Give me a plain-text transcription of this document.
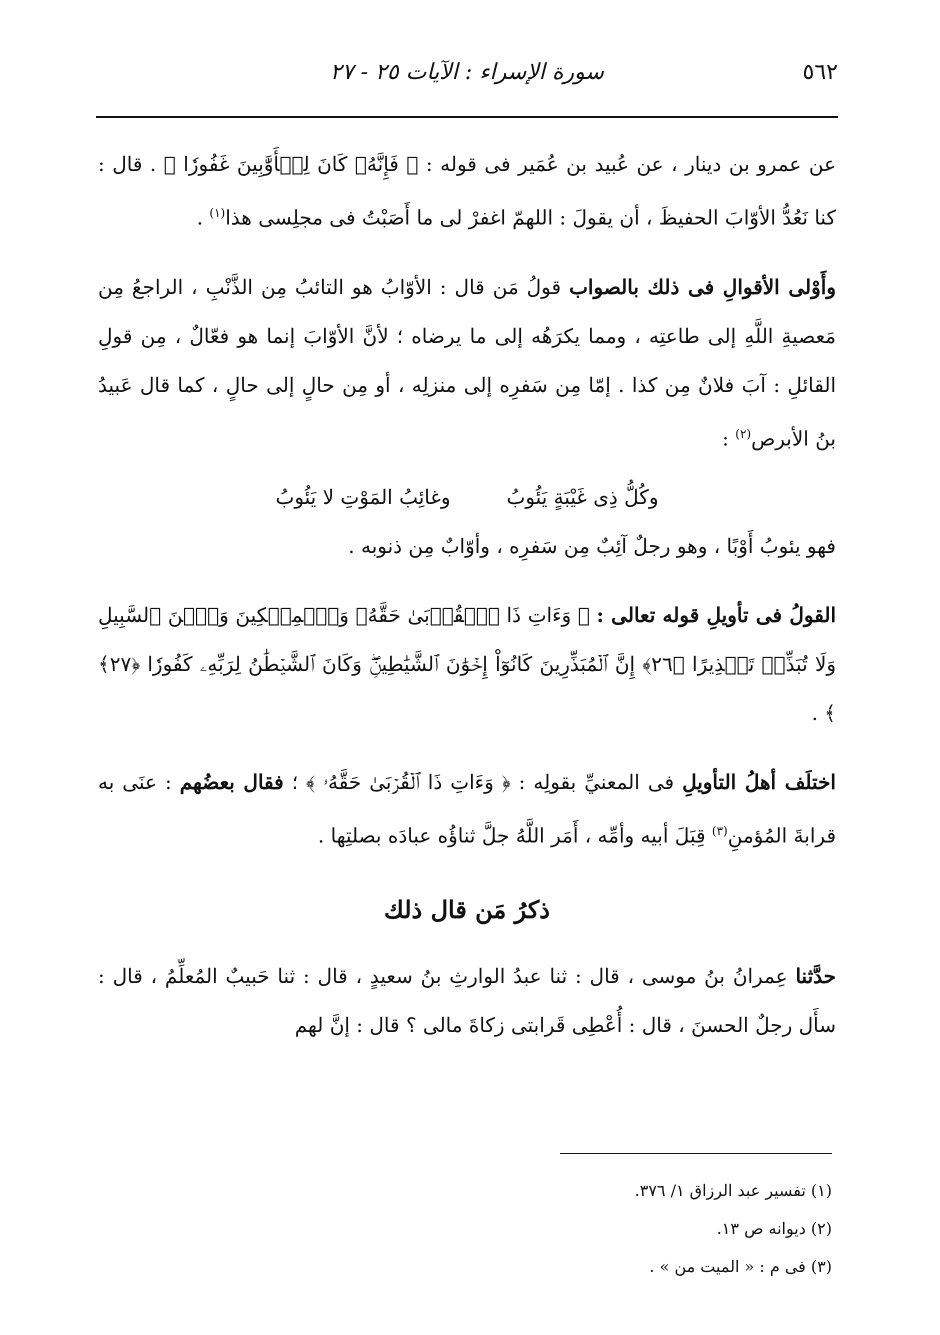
٥٦٢
سورة الإسراء : الآيات ٢٥ - ٢٧

عن عمرو بن دينار ، عن عُبيد بن عُمَير فى قوله : ﴿ فَإِنَّهُۥ كَانَ لِلۡأَوَّٰبِينَ غَفُورٗا ﴾ . قال : كنا نَعُدُّ الأوّابَ الحفيظَ ، أن يقولَ : اللهمّ اغفرْ لى ما أَصَبْتُ فى مجلِسى هذا$^{(١)}$ .

وأَوْلى الأقوالِ فى ذلك بالصواب قولُ مَن قال : الأوّابُ هو التائبُ مِن الذَّنْبِ ، الراجعُ مِن مَعصيةِ اللَّهِ إلى طاعتِه ، ومما يكرَهُه إلى ما يرضاه ؛ لأنَّ الأوّابَ إنما هو فعّالٌ ، مِن قولِ القائلِ : آبَ فلانٌ مِن كذا . إمّا مِن سَفرِه إلى منزلِه ، أو مِن حالٍ إلى حالٍ ، كما قال عَبيدُ بنُ الأبرص$^{(٢)}$ :

وكُلُّ ذِى غَيْبَةٍ يَئُوبُوغائِبُ المَوْتِ لا يَئُوبُ

فهو يئوبُ أَوْبًا ، وهو رجلٌ آئِبٌ مِن سَفرِه ، وأوّابٌ مِن ذنوبه .

القولُ فى تأويلِ قوله تعالى : ﴿ وَءَاتِ ذَا ٱلۡقُرۡبَىٰ حَقَّهُۥ وَٱلۡمِسۡكِينَ وَٱبۡنَ ٱلسَّبِيلِ وَلَا تُبَذِّرۡ تَبۡذِيرًا ﴿٢٦﴾ إِنَّ ٱلۡمُبَذِّرِينَ كَانُوٓاْ إِخۡوَٰنَ ٱلشَّيَٰطِينِۖ وَكَانَ ٱلشَّيۡطَٰنُ لِرَبِّهِۦ كَفُورٗا ﴿٢٧﴾ ﴾ .

اختلَف أهلُ التأويلِ فى المعنيِّ بقولِه : ﴿ وَءَاتِ ذَا ٱلۡقُرۡبَىٰ حَقَّهُۥ ﴾ ؛ فقال بعضُهم : عنَى به قرابةَ المُؤمنِ$^{(٣)}$ قِبَلَ أبيه وأمِّه ، أَمَر اللَّهُ جلَّ ثناؤُه عبادَه بصلتِها .

ذكرُ مَن قال ذلك

حدَّثنا عِمرانُ بنُ موسى ، قال : ثنا عبدُ الوارثِ بنُ سعيدٍ ، قال : ثنا حَبيبٌ المُعلِّمُ ، قال : سأَل رجلٌ الحسنَ ، قال : أُعْطِى قَرابتى زكاةَ مالى ؟ قال : إنَّ لهم

(١) تفسير عبد الرزاق ١/ ٣٧٦.

(٢) ديوانه ص ١٣.

(٣) فى م : « الميت من » .
